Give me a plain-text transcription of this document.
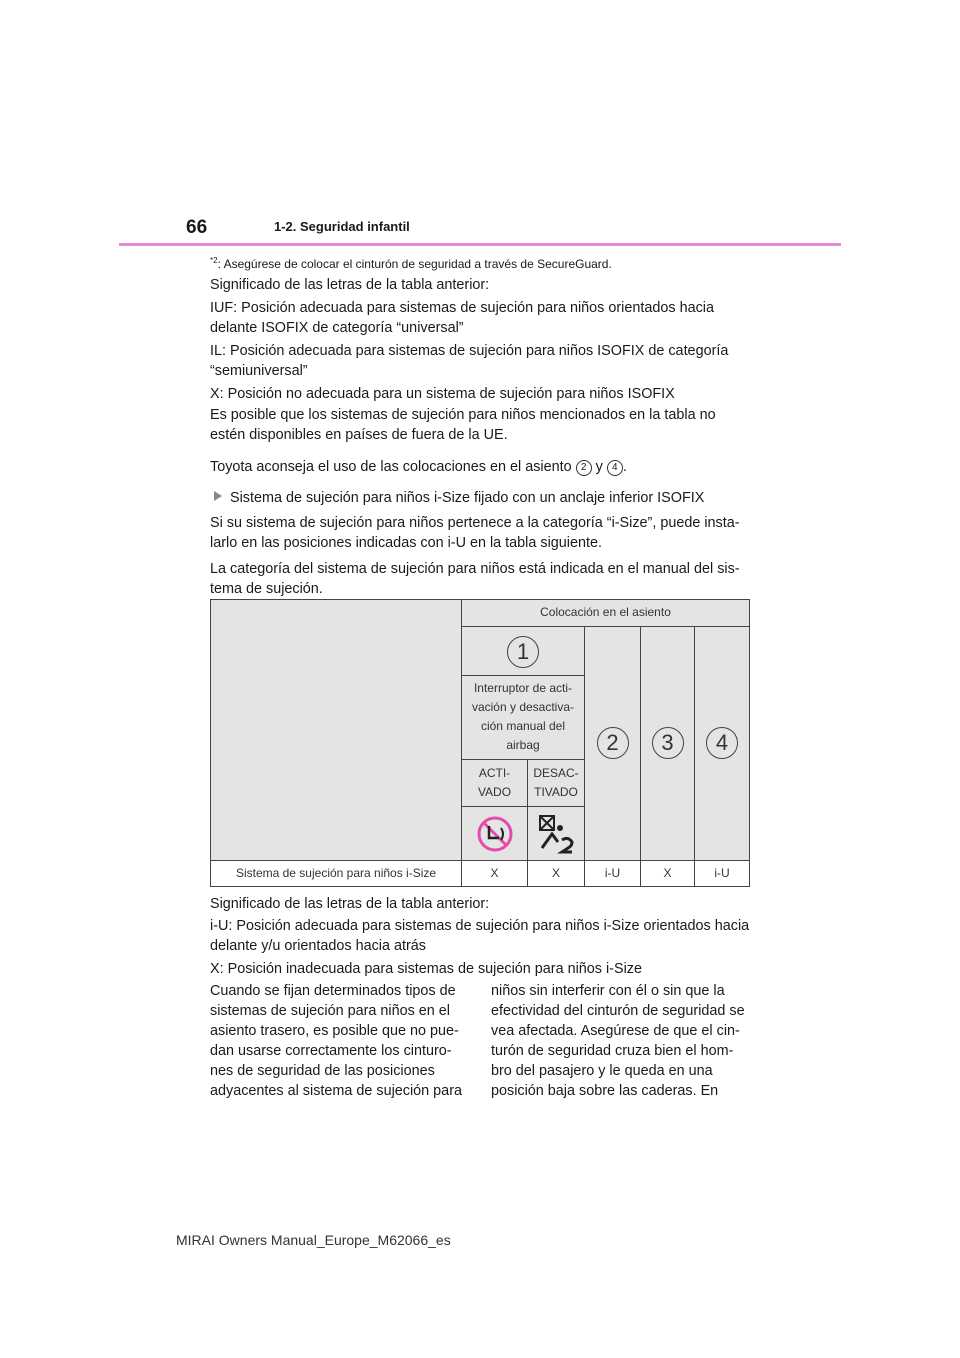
66	1-2. Seguridad infantil
$^{*2}$: Asegúrese de colocar el cinturón de seguridad a través de SecureGuard.
Significado de las letras de la tabla anterior:
IUF: Posición adecuada para sistemas de sujeción para niños orientados hacia delante ISOFIX de categoría “universal”
IL: Posición adecuada para sistemas de sujeción para niños ISOFIX de categoría “semiuniversal”
X: Posición no adecuada para un sistema de sujeción para niños ISOFIX
Es posible que los sistemas de sujeción para niños mencionados en la tabla no estén disponibles en países de fuera de la UE.
Toyota aconseja el uso de las colocaciones en el asiento 2 y 4 .
Sistema de sujeción para niños i-Size fijado con un anclaje inferior ISOFIX
Si su sistema de sujeción para niños pertenece a la categoría “i-Size”, puede insta-larlo en las posiciones indicadas con i-U en la tabla siguiente.
La categoría del sistema de sujeción para niños está indicada en el manual del sis-tema de sujeción.
Colocación en el asiento
1
Interruptor de acti-vación y desactiva-ción manual del airbag
ACTI-VADO
DESAC-TIVADO
2	3	4
Sistema de sujeción para niños i-Size	X	X	i-U	X	i-U
Significado de las letras de la tabla anterior:
i-U: Posición adecuada para sistemas de sujeción para niños i-Size orientados hacia delante y/u orientados hacia atrás
X: Posición inadecuada para sistemas de sujeción para niños i-Size
Cuando se fijan determinados tipos de sistemas de sujeción para niños en el asiento trasero, es posible que no pue-dan usarse correctamente los cinturo-nes de seguridad de las posiciones adyacentes al sistema de sujeción para
niños sin interferir con él o sin que la efectividad del cinturón de seguridad se vea afectada. Asegúrese de que el cin-turón de seguridad cruza bien el hom-bro del pasajero y le queda en una posición baja sobre las caderas. En
MIRAI Owners Manual_Europe_M62066_es
